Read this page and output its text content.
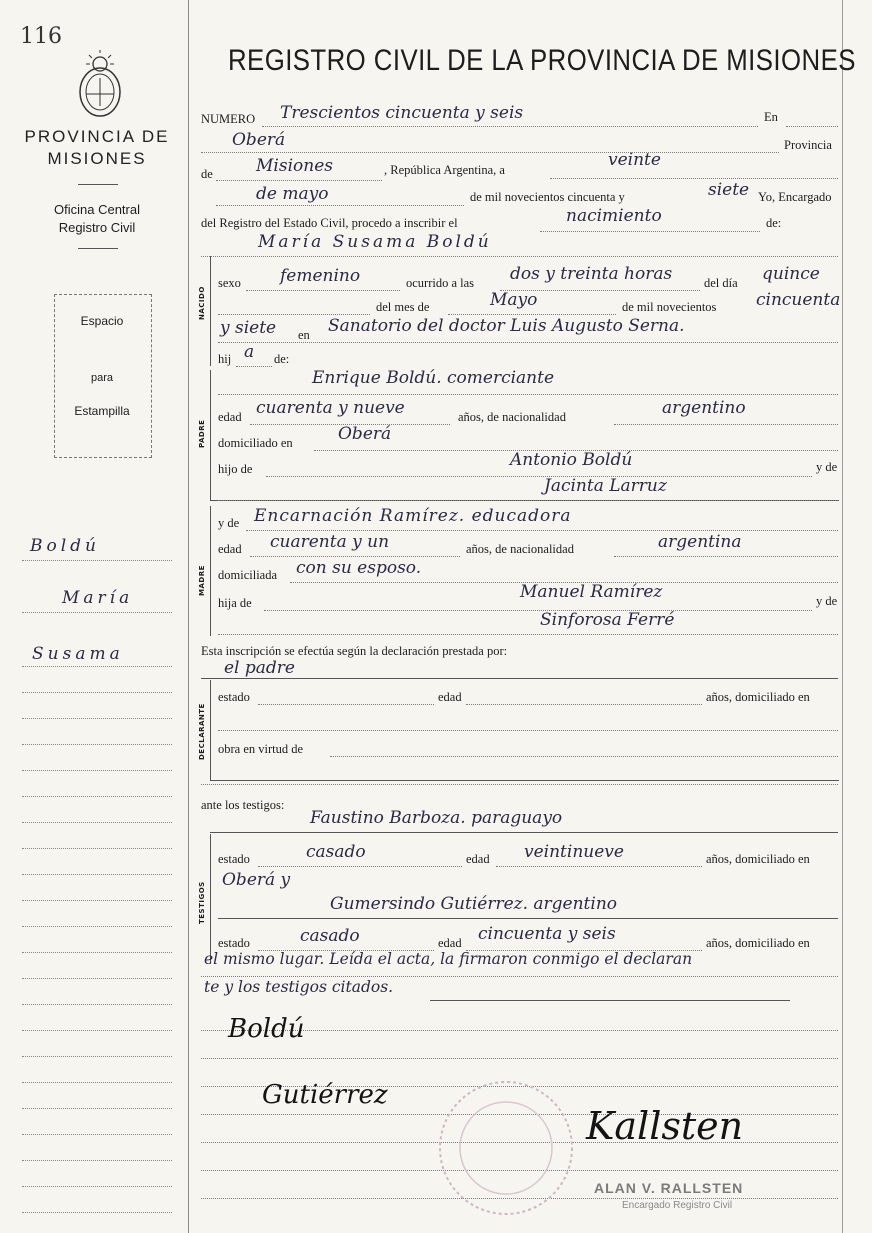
116
PROVINCIA DE
MISIONES
Oficina Central
Registro Civil
Espacio
para
Estampilla
Boldú
María
Susama
REGISTRO CIVIL DE LA PROVINCIA DE MISIONES
NUMERO Trescientos cincuenta y seis	En
Oberá	Provincia
de	Misiones	, República Argentina, a	veinte
de mayo	de mil novecientos cincuenta y	siete Yo, Encargado
del Registro del Estado Civil, procedo a inscribir el	nacimiento	de:
María Susama Boldú
NACIDO
sexo femenino	ocurrido a las dos y treinta horas	del día quince
del mes de	Mayo	de mil novecientos cincuenta
y siete en Sanatorio del doctor Luis Augusto Serna.
hij a de:
PADRE
Enrique Boldú. comerciante
edad cuarenta y nueve	años, de nacionalidad	argentino
domiciliado en	Oberá
hijo de	Antonio Boldú	y de
Jacinta Larruz
MADRE
y de Encarnación Ramírez. educadora
edad cuarenta y un	años, de nacionalidad	argentina
domiciliada con su esposo.
hija de
Manuel Ramírez	y de
Sinforosa Ferré
Esta inscripción se efectúa según la declaración prestada por:
el padre
DECLARANTE
estado	edad	años, domiciliado en
obra en virtud de
ante los testigos:
Faustino Barboza. paraguayo
TESTIGOS
estado	casado	edad veintinueve	años, domiciliado en
Oberá y
Gumersindo Gutiérrez. argentino
estado	casado	edad cincuenta y seis	años, domiciliado en
el mismo lugar. Leída el acta, la firmaron conmigo el declaran
te y los testigos citados.
Boldú
Gutiérrez
Kallsten
ALAN V. RALLSTEN
Encargado Registro Civil
